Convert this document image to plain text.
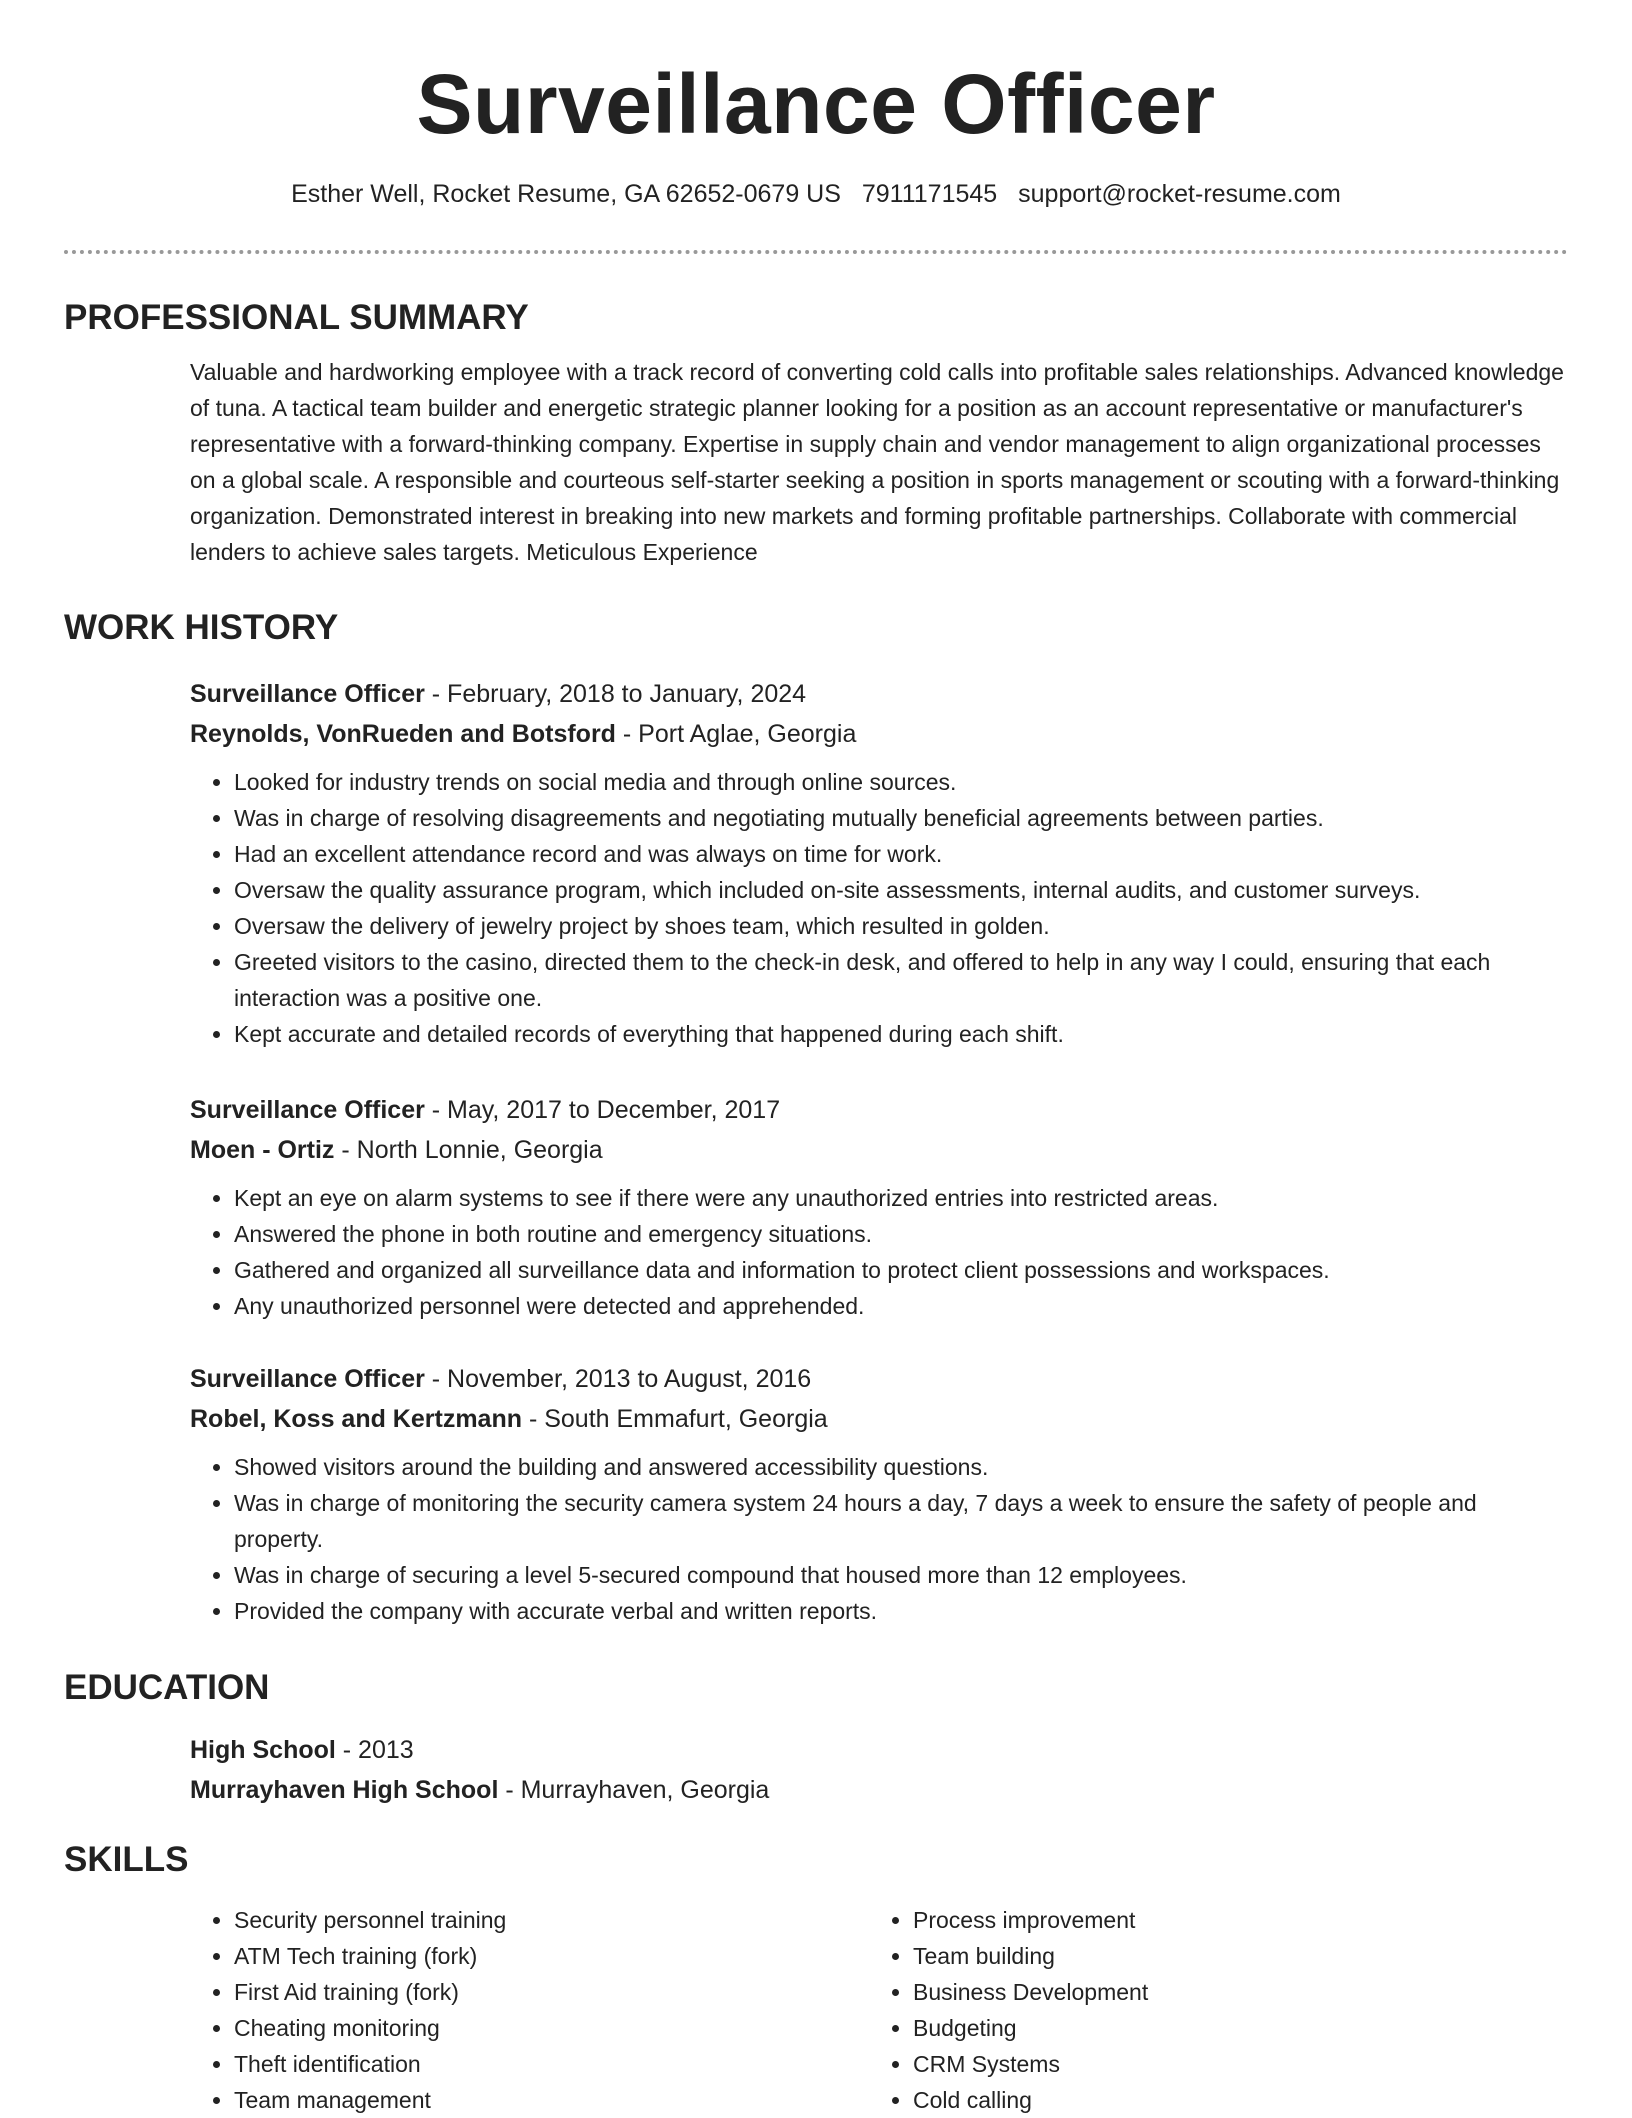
Surveillance Officer
Esther Well, Rocket Resume, GA 62652-0679 US 7911171545 support@rocket-resume.com
PROFESSIONAL SUMMARY

Valuable and hardworking employee with a track record of converting cold calls into profitable sales relationships. Advanced knowledge of tuna. A tactical team builder and energetic strategic planner looking for a position as an account representative or manufacturer's representative with a forward-thinking company. Expertise in supply chain and vendor management to align organizational processes on a global scale. A responsible and courteous self-starter seeking a position in sports management or scouting with a forward-thinking organization. Demonstrated interest in breaking into new markets and forming profitable partnerships. Collaborate with commercial lenders to achieve sales targets. Meticulous Experience

WORK HISTORY
Surveillance Officer - February, 2018 to January, 2024
Reynolds, VonRueden and Botsford - Port Aglae, Georgia
• Looked for industry trends on social media and through online sources.
• Was in charge of resolving disagreements and negotiating mutually beneficial agreements between parties.
• Had an excellent attendance record and was always on time for work.
• Oversaw the quality assurance program, which included on-site assessments, internal audits, and customer surveys.
• Oversaw the delivery of jewelry project by shoes team, which resulted in golden.
• Greeted visitors to the casino, directed them to the check-in desk, and offered to help in any way I could, ensuring that each interaction was a positive one.
• Kept accurate and detailed records of everything that happened during each shift.
Surveillance Officer - May, 2017 to December, 2017
Moen - Ortiz - North Lonnie, Georgia
• Kept an eye on alarm systems to see if there were any unauthorized entries into restricted areas.
• Answered the phone in both routine and emergency situations.
• Gathered and organized all surveillance data and information to protect client possessions and workspaces.
• Any unauthorized personnel were detected and apprehended.
Surveillance Officer - November, 2013 to August, 2016
Robel, Koss and Kertzmann - South Emmafurt, Georgia
• Showed visitors around the building and answered accessibility questions.
• Was in charge of monitoring the security camera system 24 hours a day, 7 days a week to ensure the safety of people and property.
• Was in charge of securing a level 5-secured compound that housed more than 12 employees.
• Provided the company with accurate verbal and written reports.
EDUCATION
High School - 2013
Murrayhaven High School - Murrayhaven, Georgia
SKILLS
• Security personnel training
• ATM Tech training (fork)
• First Aid training (fork)
• Cheating monitoring
• Theft identification
• Team management
• Process improvement
• Team building
• Business Development
• Budgeting
• CRM Systems
• Cold calling
